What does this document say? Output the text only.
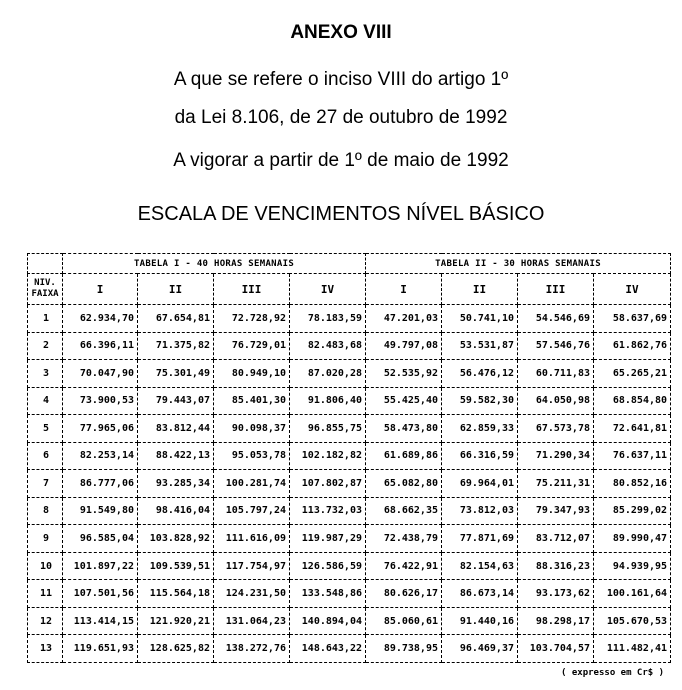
ANEXO VIII
A que se refere o inciso VIII do artigo 1º
da Lei 8.106, de 27 de outubro de 1992
A vigorar a partir de 1º de maio de 1992
ESCALA DE VENCIMENTOS NÍVEL BÁSICO
	TABELA I - 40 HORAS SEMANAIS				TABELA II - 30 HORAS SEMANAIS			
NIV.
FAIXA	I	II	III	IV	I	II	III	IV
1	62.934,70	67.654,81	72.728,92	78.183,59	47.201,03	50.741,10	54.546,69	58.637,69
2	66.396,11	71.375,82	76.729,01	82.483,68	49.797,08	53.531,87	57.546,76	61.862,76
3	70.047,90	75.301,49	80.949,10	87.020,28	52.535,92	56.476,12	60.711,83	65.265,21
4	73.900,53	79.443,07	85.401,30	91.806,40	55.425,40	59.582,30	64.050,98	68.854,80
5	77.965,06	83.812,44	90.098,37	96.855,75	58.473,80	62.859,33	67.573,78	72.641,81
6	82.253,14	88.422,13	95.053,78	102.182,82	61.689,86	66.316,59	71.290,34	76.637,11
7	86.777,06	93.285,34	100.281,74	107.802,87	65.082,80	69.964,01	75.211,31	80.852,16
8	91.549,80	98.416,04	105.797,24	113.732,03	68.662,35	73.812,03	79.347,93	85.299,02
9	96.585,04	103.828,92	111.616,09	119.987,29	72.438,79	77.871,69	83.712,07	89.990,47
10	101.897,22	109.539,51	117.754,97	126.586,59	76.422,91	82.154,63	88.316,23	94.939,95
11	107.501,56	115.564,18	124.231,50	133.548,86	80.626,17	86.673,14	93.173,62	100.161,64
12	113.414,15	121.920,21	131.064,23	140.894,04	85.060,61	91.440,16	98.298,17	105.670,53
13	119.651,93	128.625,82	138.272,76	148.643,22	89.738,95	96.469,37	103.704,57	111.482,41
( expresso em Cr$ )
